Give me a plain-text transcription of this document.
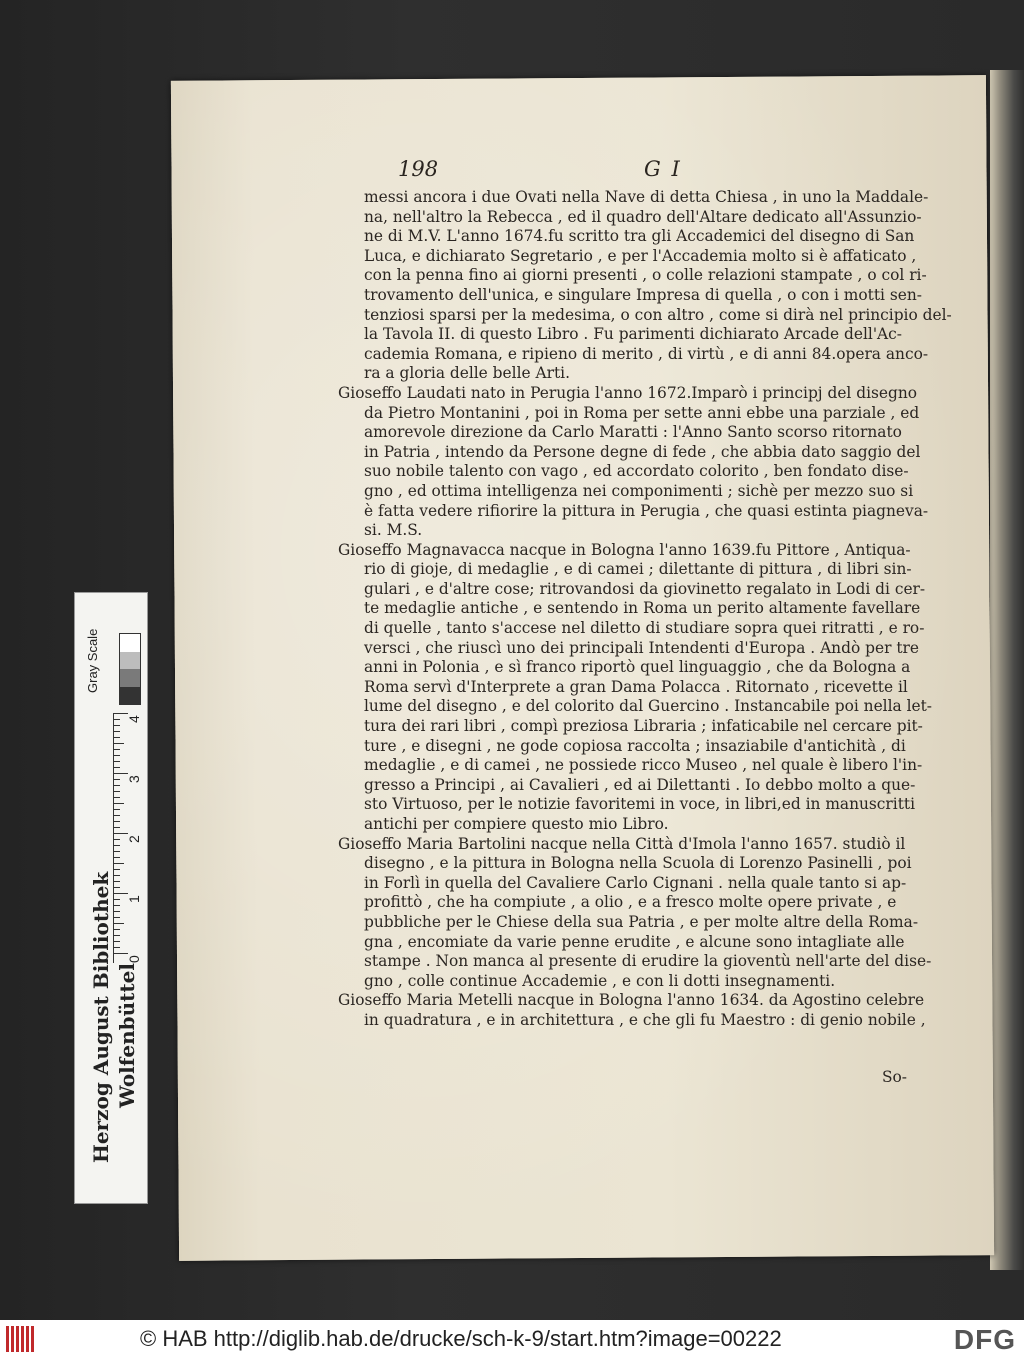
198	G I
messi ancora i due Ovati nella Nave di detta Chiesa , in uno la Maddale-
na, nell'altro la Rebecca , ed il quadro dell'Altare dedicato all'Assunzio-
ne di M.V. L'anno 1674.fu scritto tra gli Accademici del disegno di San
Luca, e dichiarato Segretario , e per l'Accademia molto si è affaticato ,
con la penna fino ai giorni presenti , o colle relazioni stampate , o col ri-
trovamento dell'unica, e singulare Impresa di quella , o con i motti sen-
tenziosi sparsi per la medesima, o con altro , come si dirà nel principio del-
la Tavola II. di questo Libro . Fu parimenti dichiarato Arcade dell'Ac-
cademia Romana, e ripieno di merito , di virtù , e di anni 84.opera anco-
ra a gloria delle belle Arti.
Gioseffo Laudati nato in Perugia l'anno 1672.Imparò i principj del disegno
da Pietro Montanini , poi in Roma per sette anni ebbe una parziale , ed
amorevole direzione da Carlo Maratti : l'Anno Santo scorso ritornato
in Patria , intendo da Persone degne di fede , che abbia dato saggio del
suo nobile talento con vago , ed accordato colorito , ben fondato dise-
gno , ed ottima intelligenza nei componimenti ; sichè per mezzo suo si
è fatta vedere rifiorire la pittura in Perugia , che quasi estinta piagneva-
si. M.S.
Gioseffo Magnavacca nacque in Bologna l'anno 1639.fu Pittore , Antiqua-
rio di gioje, di medaglie , e di camei ; dilettante di pittura , di libri sin-
gulari , e d'altre cose; ritrovandosi da giovinetto regalato in Lodi di cer-
te medaglie antiche , e sentendo in Roma un perito altamente favellare
di quelle , tanto s'accese nel diletto di studiare sopra quei ritratti , e ro-
versci , che riuscì uno dei principali Intendenti d'Europa . Andò per tre
anni in Polonia , e sì franco riportò quel linguaggio , che da Bologna a
Roma servì d'Interprete a gran Dama Polacca . Ritornato , ricevette il
lume del disegno , e del colorito dal Guercino . Instancabile poi nella let-
tura dei rari libri , compì preziosa Libraria ; infaticabile nel cercare pit-
ture , e disegni , ne gode copiosa raccolta ; insaziabile d'antichità , di
medaglie , e di camei , ne possiede ricco Museo , nel quale è libero l'in-
gresso a Principi , ai Cavalieri , ed ai Dilettanti . Io debbo molto a que-
sto Virtuoso, per le notizie favoritemi in voce, in libri,ed in manuscritti
antichi per compiere questo mio Libro.
Gioseffo Maria Bartolini nacque nella Città d'Imola l'anno 1657. studiò il
disegno , e la pittura in Bologna nella Scuola di Lorenzo Pasinelli , poi
in Forlì in quella del Cavaliere Carlo Cignani . nella quale tanto si ap-
profittò , che ha compiute , a olio , e a fresco molte opere private , e
pubbliche per le Chiese della sua Patria , e per molte altre della Roma-
gna , encomiate da varie penne erudite , e alcune sono intagliate alle
stampe . Non manca al presente di erudire la gioventù nell'arte del dise-
gno , colle continue Accademie , e con li dotti insegnamenti.
Gioseffo Maria Metelli nacque in Bologna l'anno 1634. da Agostino celebre
in quadratura , e in architettura , e che gli fu Maestro : di genio nobile ,
So-
Herzog August Bibliothek Wolfenbüttel
Gray Scale
0
1
2
3
4
© HAB http://diglib.hab.de/drucke/sch-k-9/start.htm?image=00222	DFG
